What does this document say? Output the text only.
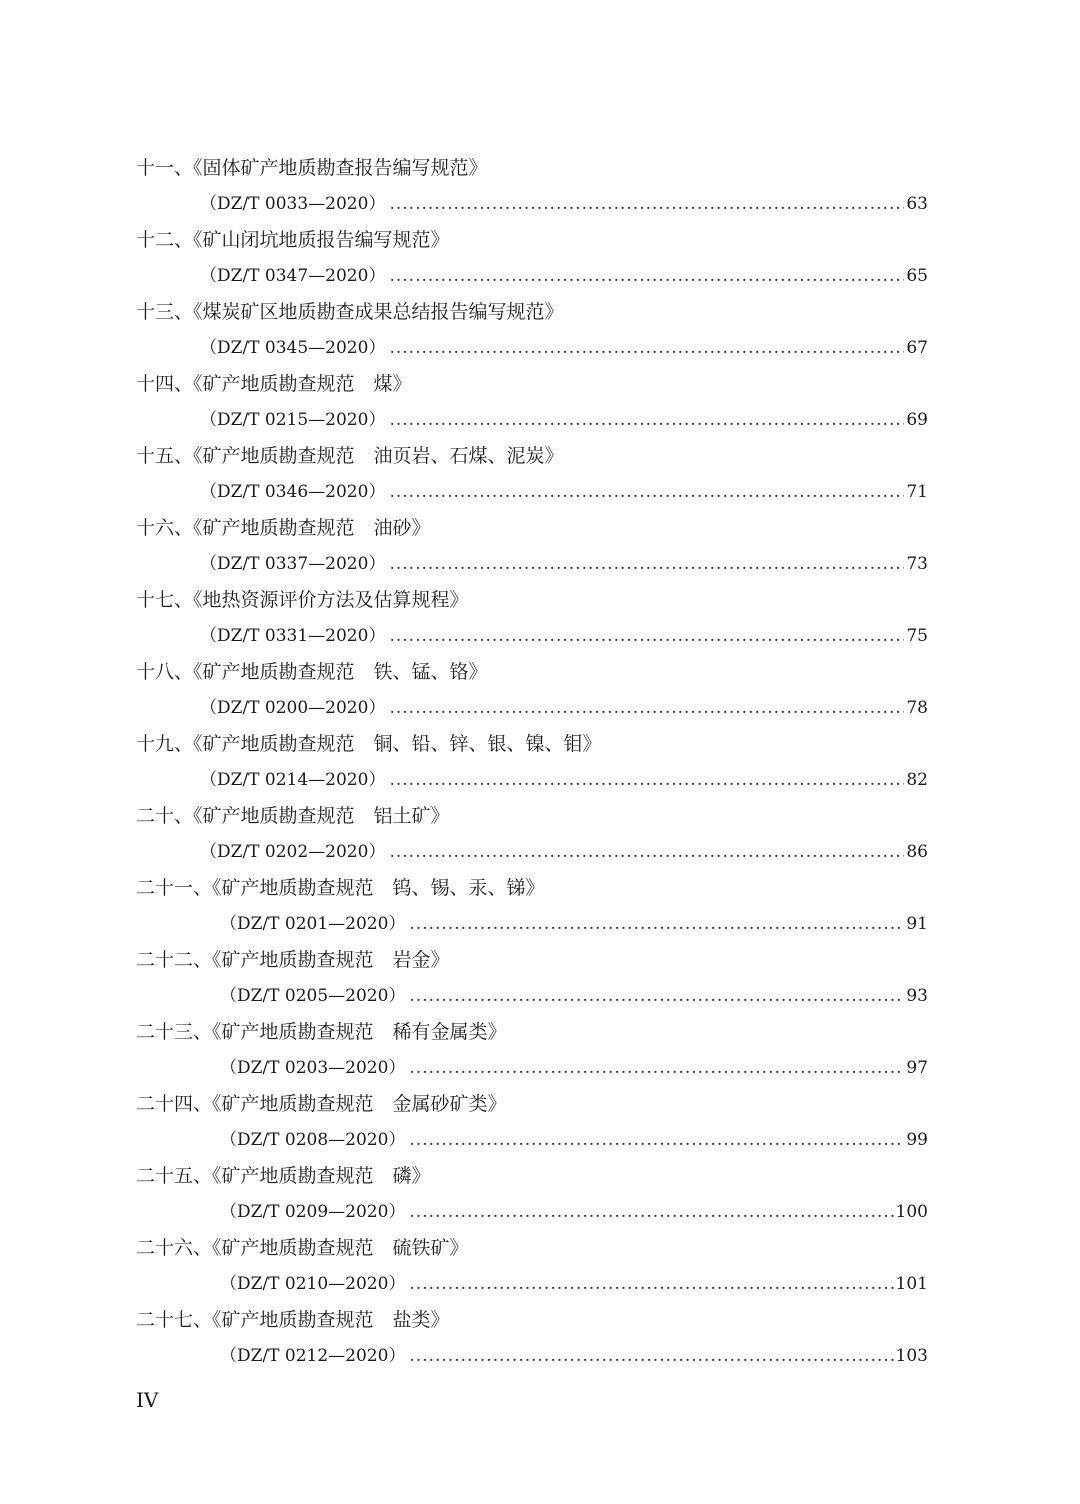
十一、《固体矿产地质勘查报告编写规范》
（DZ/T 0033—2020） .....	63
十二、《矿山闭坑地质报告编写规范》
（DZ/T 0347—2020） .....	65
十三、《煤炭矿区地质勘查成果总结报告编写规范》
（DZ/T 0345—2020） .....	67
十四、《矿产地质勘查规范　煤》
（DZ/T 0215—2020） .....	69
十五、《矿产地质勘查规范　油页岩、石煤、泥炭》
（DZ/T 0346—2020） .....	71
十六、《矿产地质勘查规范　油砂》
（DZ/T 0337—2020） .....	73
十七、《地热资源评价方法及估算规程》
（DZ/T 0331—2020） .....	75
十八、《矿产地质勘查规范　铁、锰、铬》
（DZ/T 0200—2020） .....	78
十九、《矿产地质勘查规范　铜、铅、锌、银、镍、钼》
（DZ/T 0214—2020） .....	82
二十、《矿产地质勘查规范　铝土矿》
（DZ/T 0202—2020） .....	86
二十一、《矿产地质勘查规范　钨、锡、汞、锑》
（DZ/T 0201—2020） .....	91
二十二、《矿产地质勘查规范　岩金》
（DZ/T 0205—2020） .....	93
二十三、《矿产地质勘查规范　稀有金属类》
（DZ/T 0203—2020） .....	97
二十四、《矿产地质勘查规范　金属砂矿类》
（DZ/T 0208—2020） .....	99
二十五、《矿产地质勘查规范　磷》
（DZ/T 0209—2020） .....	100
二十六、《矿产地质勘查规范　硫铁矿》
（DZ/T 0210—2020） .....	101
二十七、《矿产地质勘查规范　盐类》
（DZ/T 0212—2020） .....	103
IV
